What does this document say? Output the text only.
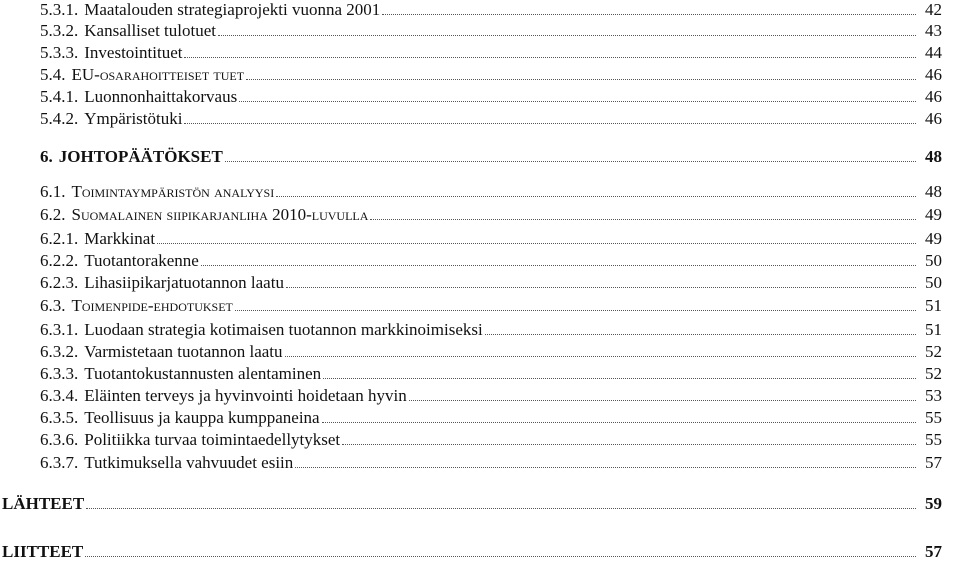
5.3.1. Maatalouden strategiaprojekti vuonna 2001	42
5.3.2. Kansalliset tulotuet	43
5.3.3. Investointituet	44
5.4. EU-osarahoitteiset tuet	46
5.4.1. Luonnonhaittakorvaus	46
5.4.2. Ympäristötuki	46
6. JOHTOPÄÄTÖKSET	48
6.1. Toimintaympäristön analyysi	48
6.2. Suomalainen siipikarjanliha 2010-luvulla	49
6.2.1. Markkinat	49
6.2.2. Tuotantorakenne	50
6.2.3. Lihasiipikarjatuotannon laatu	50
6.3. Toimenpide-ehdotukset	51
6.3.1. Luodaan strategia kotimaisen tuotannon markkinoimiseksi	51
6.3.2. Varmistetaan tuotannon laatu	52
6.3.3. Tuotantokustannusten alentaminen	52
6.3.4. Eläinten terveys ja hyvinvointi hoidetaan hyvin	53
6.3.5. Teollisuus ja kauppa kumppaneina	55
6.3.6. Politiikka turvaa toimintaedellytykset	55
6.3.7. Tutkimuksella vahvuudet esiin	57
LÄHTEET	59
LIITTEET	57
